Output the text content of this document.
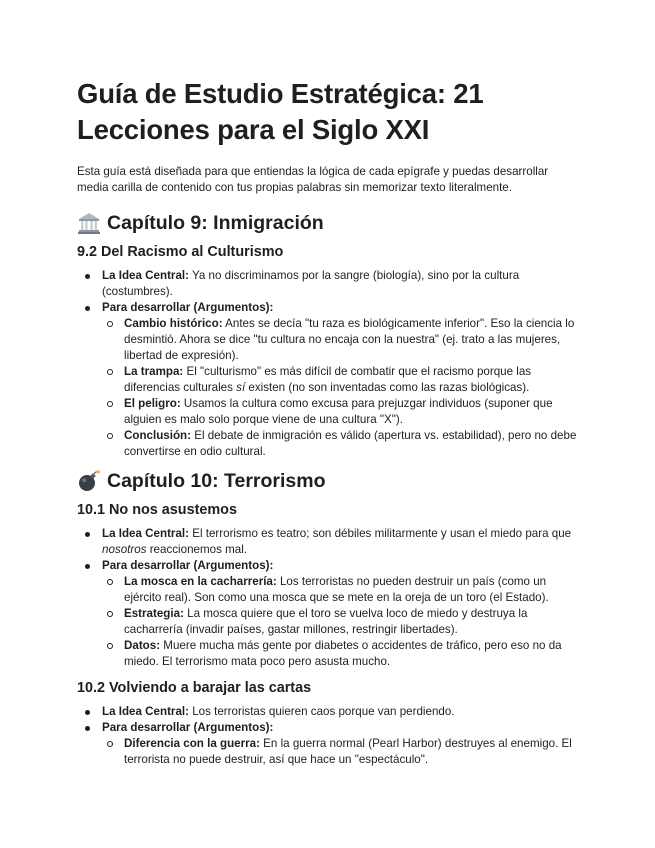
Guía de Estudio Estratégica: 21
Lecciones para el Siglo XXI

Esta guía está diseñada para que entiendas la lógica de cada epígrafe y puedas desarrollar media carilla de contenido con tus propias palabras sin memorizar texto literalmente.

Capítulo 9: Inmigración
9.2 Del Racismo al Culturismo
La Idea Central: Ya no discriminamos por la sangre (biología), sino por la cultura (costumbres).
Para desarrollar (Argumentos):
Cambio histórico: Antes se decía "tu raza es biológicamente inferior". Eso la ciencia lo desmintió. Ahora se dice "tu cultura no encaja con la nuestra" (ej. trato a las mujeres, libertad de expresión).
La trampa: El "culturismo" es más difícil de combatir que el racismo porque las diferencias culturales sí existen (no son inventadas como las razas biológicas).
El peligro: Usamos la cultura como excusa para prejuzgar individuos (suponer que alguien es malo solo porque viene de una cultura "X").
Conclusión: El debate de inmigración es válido (apertura vs. estabilidad), pero no debe convertirse en odio cultural.
Capítulo 10: Terrorismo
10.1 No nos asustemos
La Idea Central: El terrorismo es teatro; son débiles militarmente y usan el miedo para que nosotros reaccionemos mal.
Para desarrollar (Argumentos):
La mosca en la cacharrería: Los terroristas no pueden destruir un país (como un ejército real). Son como una mosca que se mete en la oreja de un toro (el Estado).
Estrategia: La mosca quiere que el toro se vuelva loco de miedo y destruya la cacharrería (invadir países, gastar millones, restringir libertades).
Datos: Muere mucha más gente por diabetes o accidentes de tráfico, pero eso no da miedo. El terrorismo mata poco pero asusta mucho.
10.2 Volviendo a barajar las cartas
La Idea Central: Los terroristas quieren caos porque van perdiendo.
Para desarrollar (Argumentos):
Diferencia con la guerra: En la guerra normal (Pearl Harbor) destruyes al enemigo. El terrorista no puede destruir, así que hace un "espectáculo".
